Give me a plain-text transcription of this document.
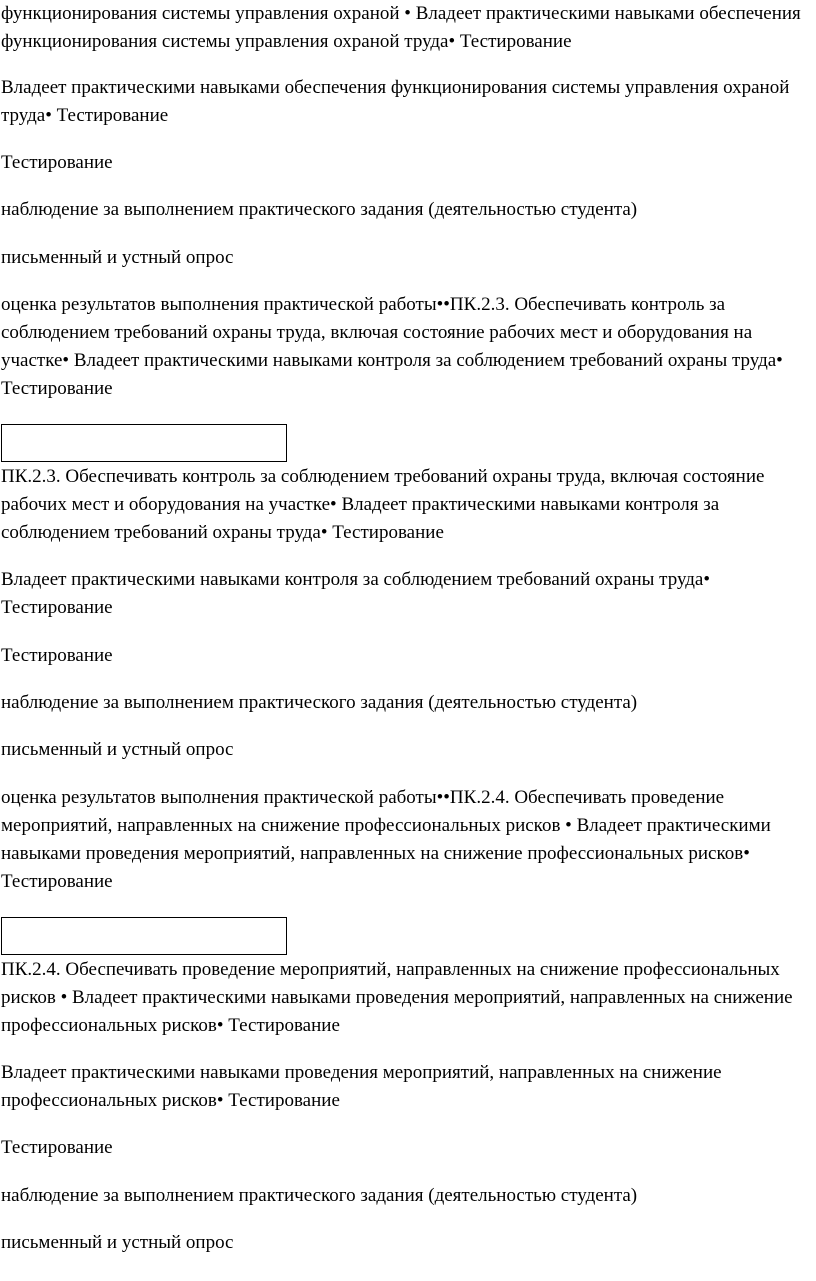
функционирования системы управления охраной • Владеет практическими навыками обеспечения функционирования системы управления охраной труда• Тестирование

Владеет практическими навыками обеспечения функционирования системы управления охраной труда• Тестирование

Тестирование

наблюдение за выполнением практического задания (деятельностью студента)

письменный и устный опрос

оценка результатов выполнения практической работы••ПК.2.3. Обеспечивать контроль за соблюдением требований охраны труда, включая состояние рабочих мест и оборудования на участке• Владеет практическими навыками контроля за соблюдением требований охраны труда• Тестирование

ПК.2.3. Обеспечивать контроль за соблюдением требований охраны труда, включая состояние рабочих мест и оборудования на участке• Владеет практическими навыками контроля за соблюдением требований охраны труда• Тестирование

Владеет практическими навыками контроля за соблюдением требований охраны труда• Тестирование

Тестирование

наблюдение за выполнением практического задания (деятельностью студента)

письменный и устный опрос

оценка результатов выполнения практической работы••ПК.2.4. Обеспечивать проведение мероприятий, направленных на снижение профессиональных рисков • Владеет практическими навыками проведения мероприятий, направленных на снижение профессиональных рисков• Тестирование

ПК.2.4. Обеспечивать проведение мероприятий, направленных на снижение профессиональных рисков • Владеет практическими навыками проведения мероприятий, направленных на снижение профессиональных рисков• Тестирование

Владеет практическими навыками проведения мероприятий, направленных на снижение профессиональных рисков• Тестирование

Тестирование

наблюдение за выполнением практического задания (деятельностью студента)

письменный и устный опрос
